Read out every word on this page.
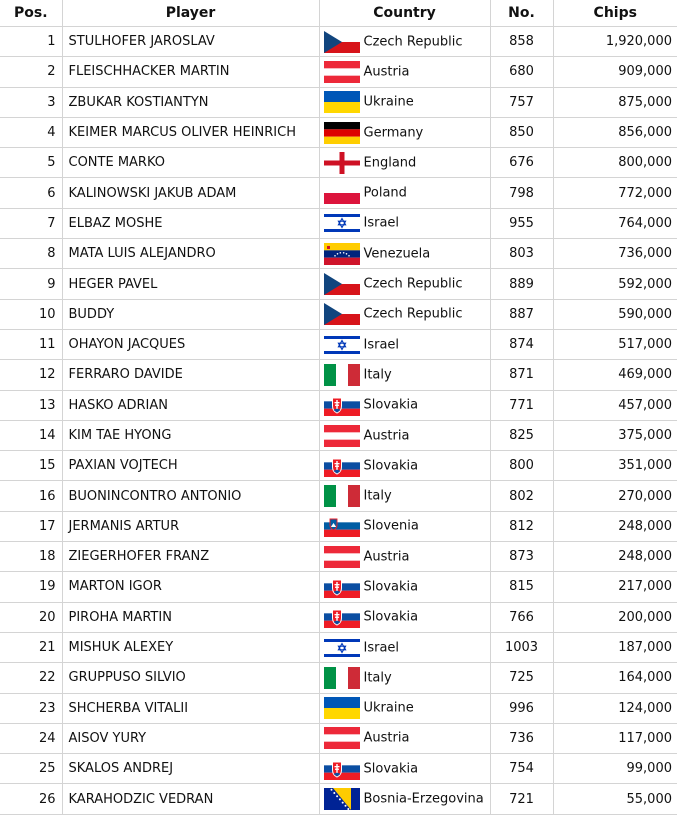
Pos.	Player	Country	No.	Chips
1	STULHOFER JAROSLAV	Czech Republic	858	1,920,000
2	FLEISCHHACKER MARTIN	Austria	680	909,000
3	ZBUKAR KOSTIANTYN	Ukraine	757	875,000
4	KEIMER MARCUS OLIVER HEINRICH	Germany	850	856,000
5	CONTE MARKO	England	676	800,000
6	KALINOWSKI JAKUB ADAM	Poland	798	772,000
7	ELBAZ MOSHE	Israel	955	764,000
8	MATA LUIS ALEJANDRO	Venezuela	803	736,000
9	HEGER PAVEL	Czech Republic	889	592,000
10	BUDDY	Czech Republic	887	590,000
11	OHAYON JACQUES	Israel	874	517,000
12	FERRARO DAVIDE	Italy	871	469,000
13	HASKO ADRIAN	Slovakia	771	457,000
14	KIM TAE HYONG	Austria	825	375,000
15	PAXIAN VOJTECH	Slovakia	800	351,000
16	BUONINCONTRO ANTONIO	Italy	802	270,000
17	JERMANIS ARTUR	Slovenia	812	248,000
18	ZIEGERHOFER FRANZ	Austria	873	248,000
19	MARTON IGOR	Slovakia	815	217,000
20	PIROHA MARTIN	Slovakia	766	200,000
21	MISHUK ALEXEY	Israel	1003	187,000
22	GRUPPUSO SILVIO	Italy	725	164,000
23	SHCHERBA VITALII	Ukraine	996	124,000
24	AISOV YURY	Austria	736	117,000
25	SKALOS ANDREJ	Slovakia	754	99,000
26	KARAHODZIC VEDRAN	Bosnia-Erzegovina	721	55,000
